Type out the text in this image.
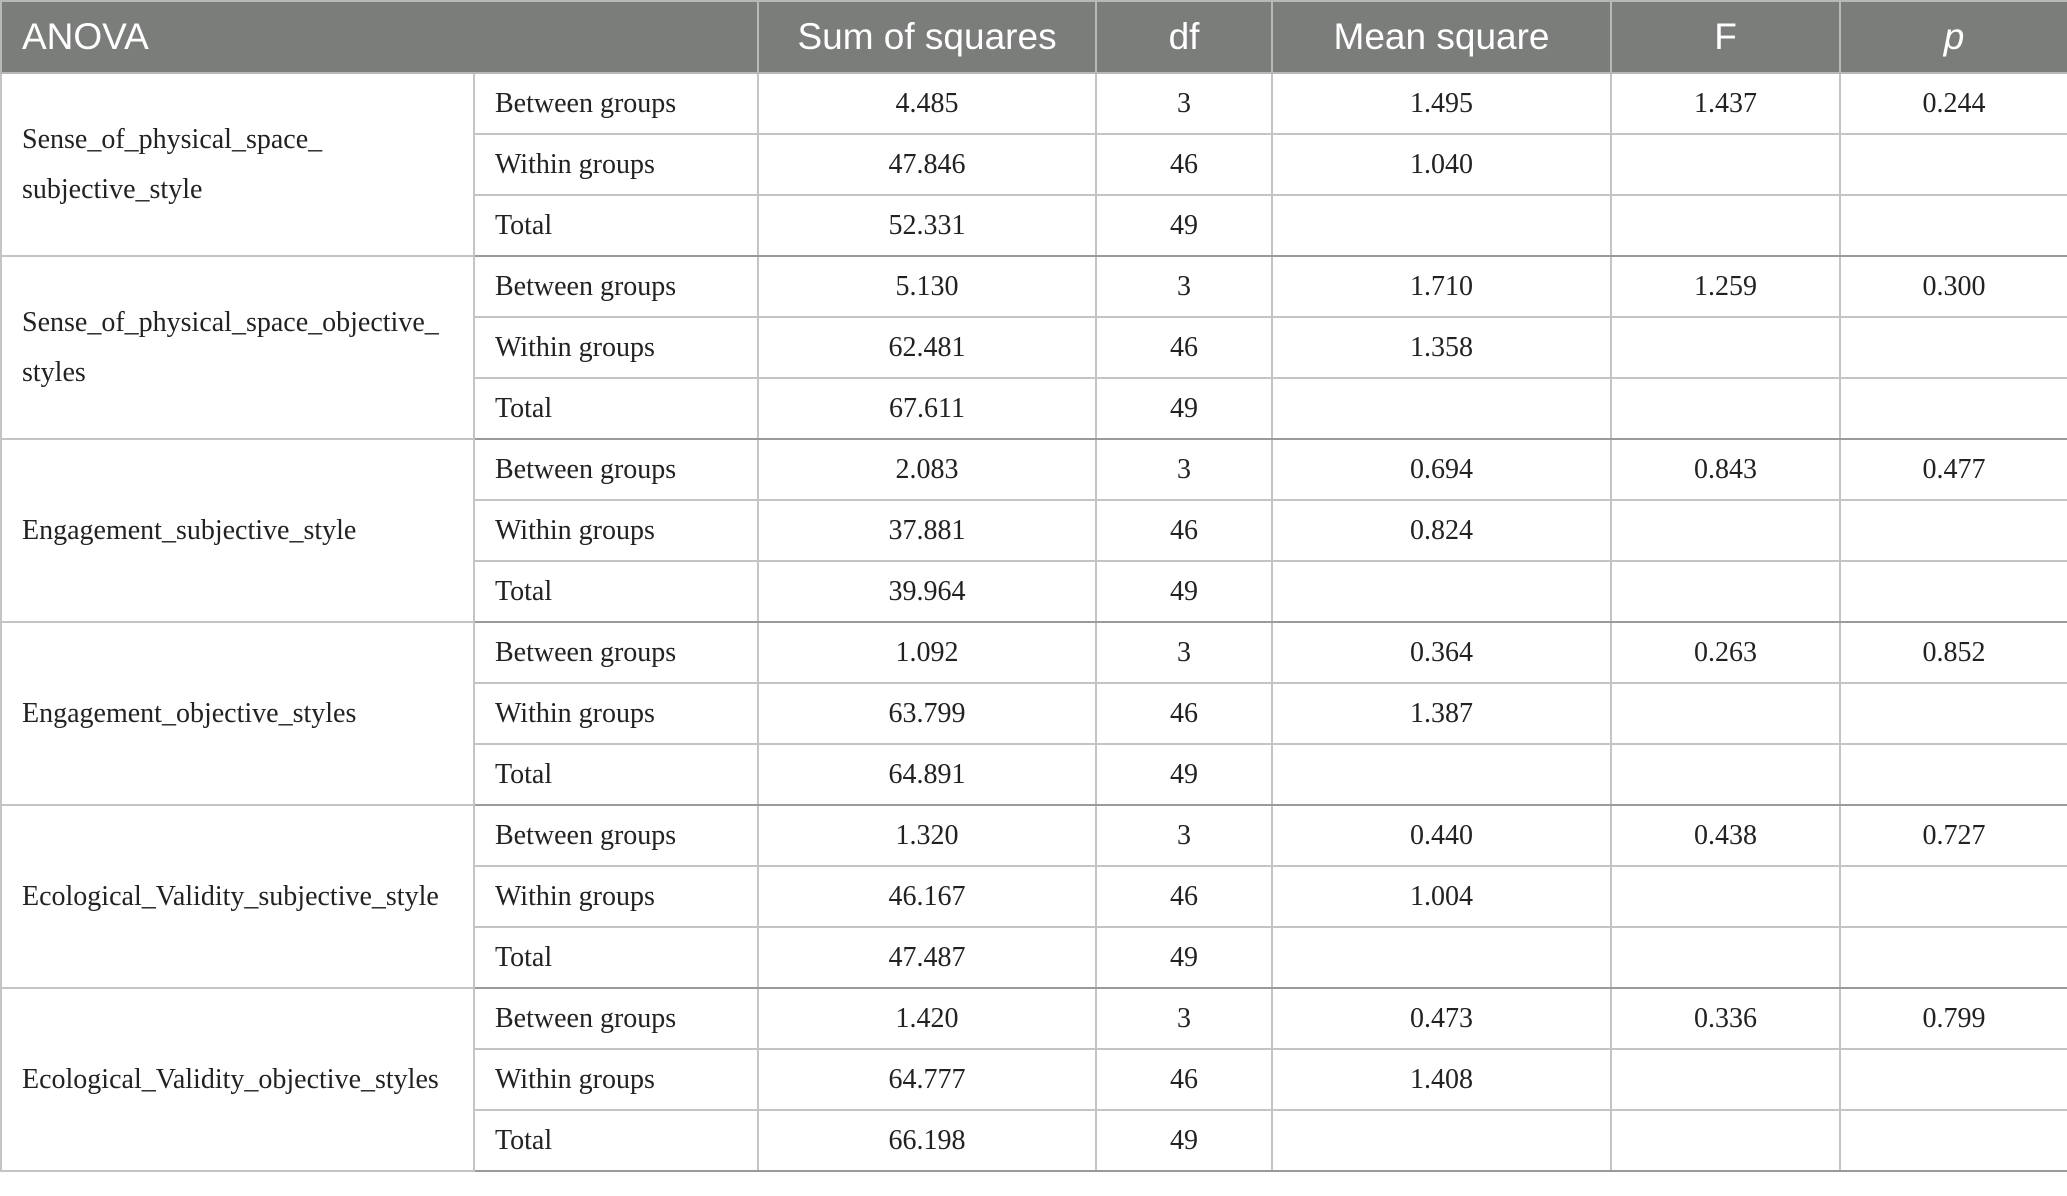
ANOVA		Sum of squares	df	Mean square	F	p
Sense_of_physical_space_ subjective_style	Between groups	4.485	3	1.495	1.437	0.244
	Within groups	47.846	46	1.040		
	Total	52.331	49			
Sense_of_physical_space_objective_ styles	Between groups	5.130	3	1.710	1.259	0.300
	Within groups	62.481	46	1.358		
	Total	67.611	49			
Engagement_subjective_style	Between groups	2.083	3	0.694	0.843	0.477
	Within groups	37.881	46	0.824		
	Total	39.964	49			
Engagement_objective_styles	Between groups	1.092	3	0.364	0.263	0.852
	Within groups	63.799	46	1.387		
	Total	64.891	49			
Ecological_Validity_subjective_style	Between groups	1.320	3	0.440	0.438	0.727
	Within groups	46.167	46	1.004		
	Total	47.487	49			
Ecological_Validity_objective_styles	Between groups	1.420	3	0.473	0.336	0.799
	Within groups	64.777	46	1.408		
	Total	66.198	49			
